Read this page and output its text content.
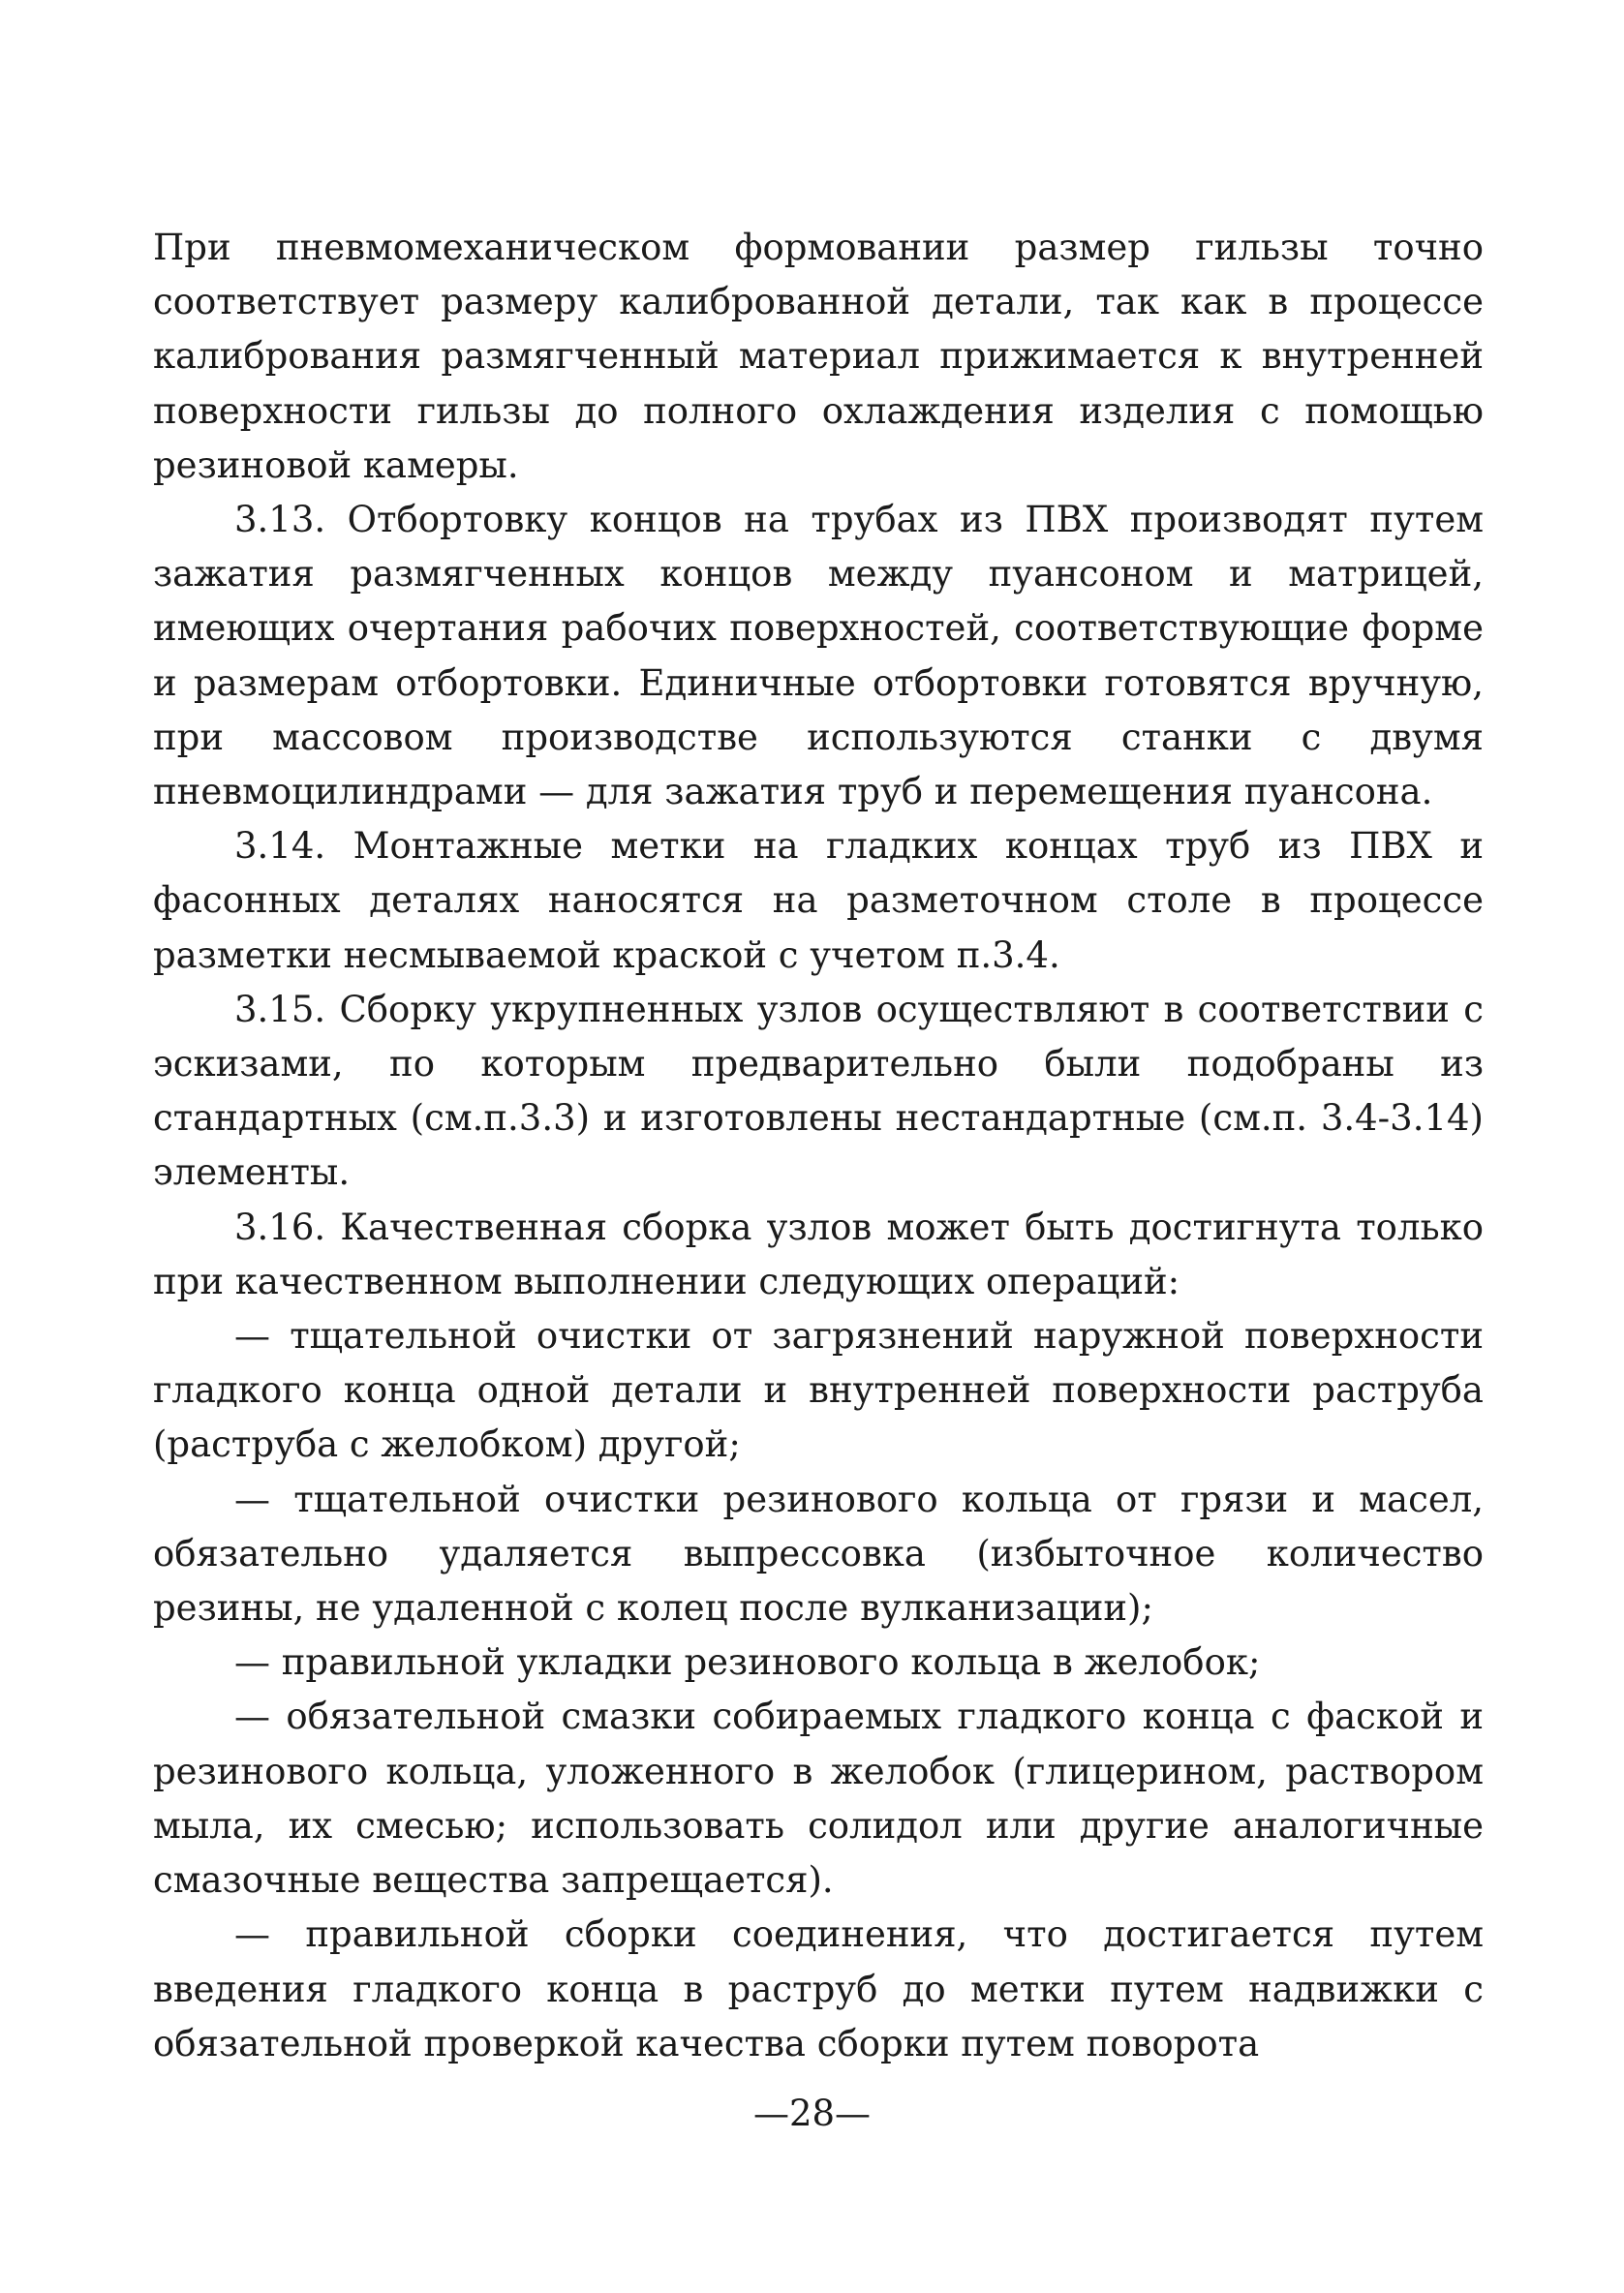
При пневмомеханическом формовании размер гильзы точно соответствует размеру калиброванной детали, так как в процессе калибрования размягченный материал прижимается к внутренней поверхности гильзы до полного охлаждения изделия с помощью резиновой камеры.

3.13. Отбортовку концов на трубах из ПВХ производят путем зажатия размягченных концов между пуансоном и матрицей, имеющих очертания рабочих поверхностей, соответствующие форме и размерам отбортовки. Единичные отбортовки готовятся вручную, при массовом производстве используются станки с двумя пневмоцилиндрами — для зажатия труб и перемещения пуансона.

3.14. Монтажные метки на гладких концах труб из ПВХ и фасонных деталях наносятся на разметочном столе в процессе разметки несмываемой краской с учетом п.3.4.

3.15. Сборку укрупненных узлов осуществляют в соответствии с эскизами, по которым предварительно были подобраны из стандартных (см.п.3.3) и изготовлены нестандартные (см.п. 3.4-3.14) элементы.

3.16. Качественная сборка узлов может быть достигнута только при качественном выполнении следующих операций:

— тщательной очистки от загрязнений наружной поверхности гладкого конца одной детали и внутренней поверхности раструба (раструба с желобком) другой;

— тщательной очистки резинового кольца от грязи и масел, обязательно удаляется выпрессовка (избыточное количество резины, не удаленной с колец после вулканизации);

— правильной укладки резинового кольца в желобок;

— обязательной смазки собираемых гладкого конца с фаской и резинового кольца, уложенного в желобок (глицерином, раствором мыла, их смесью; использовать солидол или другие аналогичные смазочные вещества запрещается).

— правильной сборки соединения, что достигается путем введения гладкого конца в раструб до метки путем надвижки с обязательной проверкой качества сборки путем поворота

—28—
